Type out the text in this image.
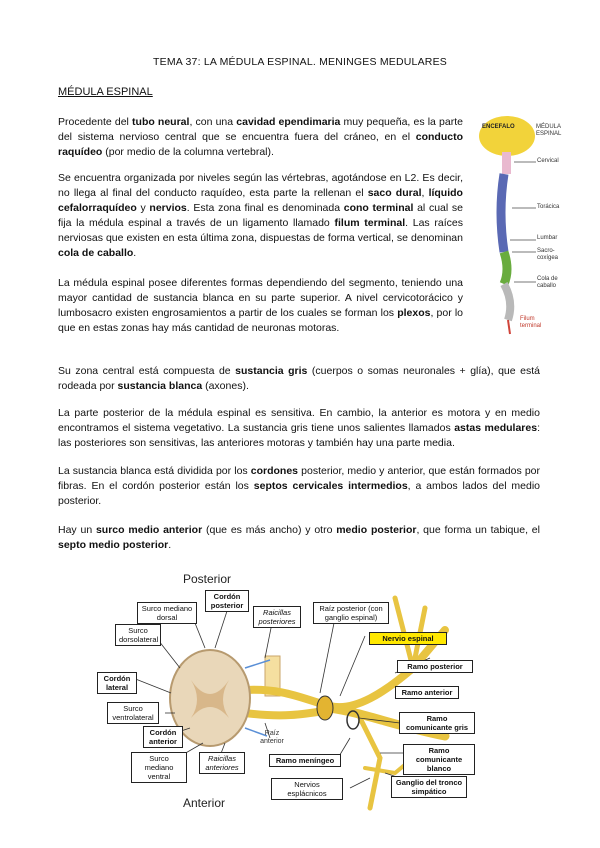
TEMA 37: LA MÉDULA ESPINAL. MENINGES MEDULARES
MÉDULA ESPINAL

Procedente del tubo neural, con una cavidad ependimaria muy pequeña, es la parte del sistema nervioso central que se encuentra fuera del cráneo, en el conducto raquídeo (por medio de la columna vertebral).

Se encuentra organizada por niveles según las vértebras, agotándose en L2. Es decir, no llega al final del conducto raquídeo, esta parte la rellenan el saco dural, líquido cefalorraquídeo y nervios. Esta zona final es denominada cono terminal al cual se fija la médula espinal a través de un ligamento llamado filum terminal. Las raíces nerviosas que existen en esta última zona, dispuestas de forma vertical, se denominan cola de caballo.

La médula espinal posee diferentes formas dependiendo del segmento, teniendo una mayor cantidad de sustancia blanca en su parte superior. A nivel cervicotorácico y lumbosacro existen engrosamientos a partir de los cuales se forman los plexos, por lo que en estas zonas hay más cantidad de neuronas motoras.

Su zona central está compuesta de sustancia gris (cuerpos o somas neuronales + glía), que está rodeada por sustancia blanca (axones).

La parte posterior de la médula espinal es sensitiva. En cambio, la anterior es motora y en medio encontramos el sistema vegetativo. La sustancia gris tiene unos salientes llamados astas medulares: las posteriores son sensitivas, las anteriores motoras y también hay una parte media.

La sustancia blanca está dividida por los cordones posterior, medio y anterior, que están formados por fibras. En el cordón posterior están los septos cervicales intermedios, a ambos lados del medio posterior.

Hay un surco medio anterior (que es más ancho) y otro medio posterior, que forma un tabique, el septo medio posterior.

ENCEFALO	MÉDULA ESPINAL
Cervical
Torácica
Lumbar
Sacro-coxígea
Cola de caballo
Filum terminal
Posterior
Anterior
Surco mediano dorsal
Cordón posterior
Raicillas posteriores
Raíz posterior (con ganglio espinal)
Surco dorsolateral	Nervio espinal
Ramo posterior
Cordón lateral
Ramo anterior
Surco ventrolateral	Ramo comunicante gris
Cordón anterior
Raíz anterior
Ramo comunicante blanco
Surco mediano ventral
Raicillas anteriores
Ramo meníngeo
Nervios esplácnicos
Ganglio del tronco simpático
